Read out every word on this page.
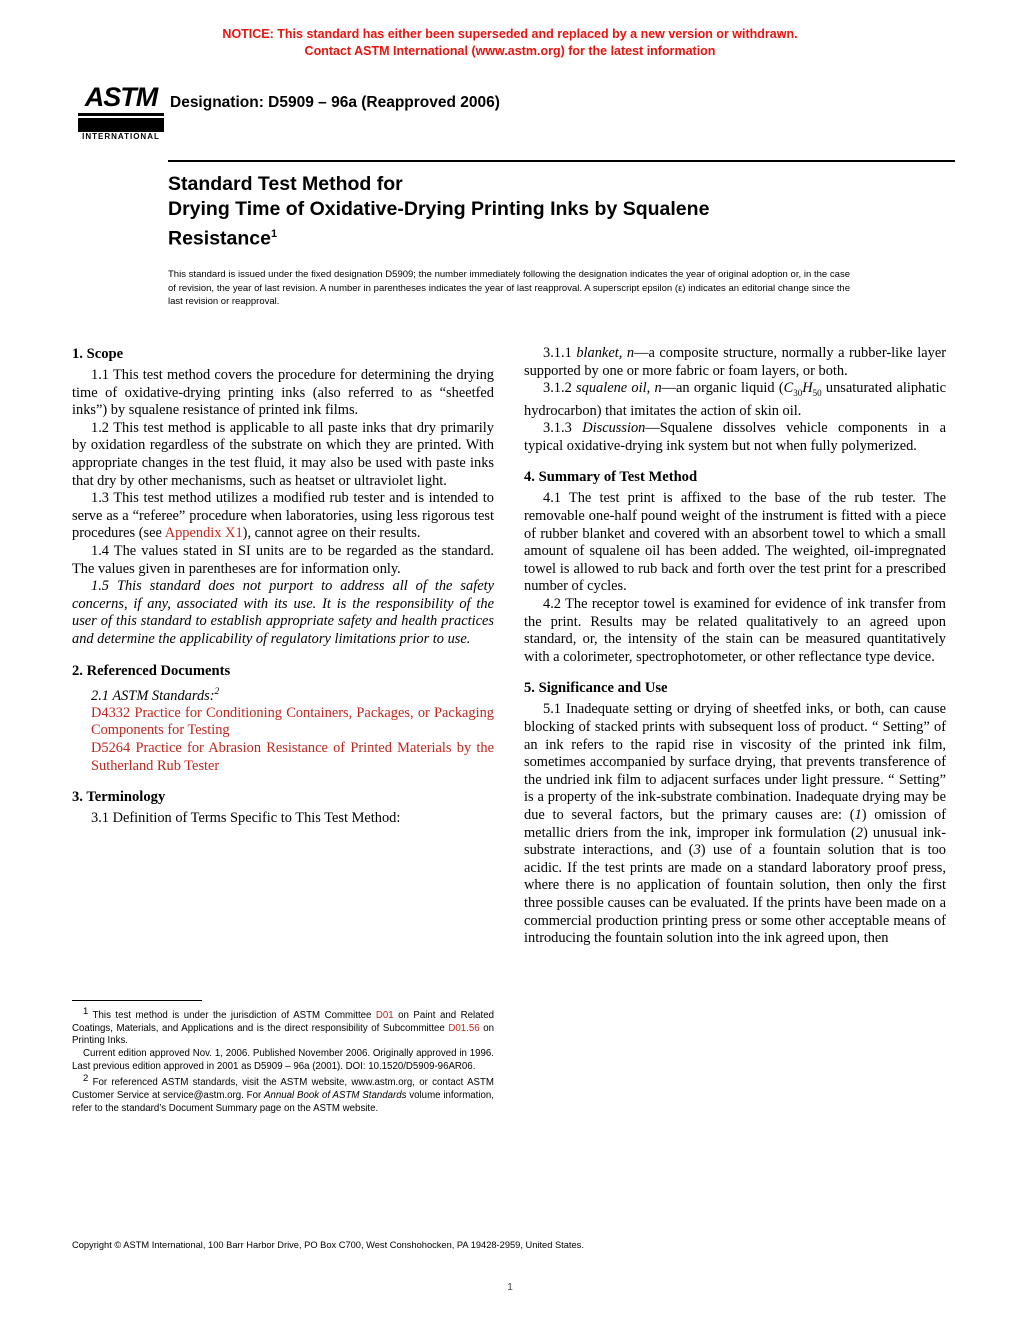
NOTICE: This standard has either been superseded and replaced by a new version or withdrawn.
Contact ASTM International (www.astm.org) for the latest information
ASTM
INTERNATIONAL
Designation: D5909 – 96a (Reapproved 2006)
Standard Test Method for
Drying Time of Oxidative-Drying Printing Inks by Squalene
Resistance$^1$
This standard is issued under the fixed designation D5909; the number immediately following the designation indicates the year of original adoption or, in the case of revision, the year of last revision. A number in parentheses indicates the year of last reapproval. A superscript epsilon (ε) indicates an editorial change since the last revision or reapproval.
1. Scope

1.1 This test method covers the procedure for determining the drying time of oxidative-drying printing inks (also referred to as “sheetfed inks”) by squalene resistance of printed ink films.

1.2 This test method is applicable to all paste inks that dry primarily by oxidation regardless of the substrate on which they are printed. With appropriate changes in the test fluid, it may also be used with paste inks that dry by other mechanisms, such as heatset or ultraviolet light.

1.3 This test method utilizes a modified rub tester and is intended to serve as a “referee” procedure when laboratories, using less rigorous test procedures (see Appendix X1), cannot agree on their results.

1.4 The values stated in SI units are to be regarded as the standard. The values given in parentheses are for information only.

1.5 This standard does not purport to address all of the safety concerns, if any, associated with its use. It is the responsibility of the user of this standard to establish appropriate safety and health practices and determine the applicability of regulatory limitations prior to use.

2. Referenced Documents

2.1 ASTM Standards:$^2$

D4332 Practice for Conditioning Containers, Packages, or Packaging Components for Testing

D5264 Practice for Abrasion Resistance of Printed Materials by the Sutherland Rub Tester

3. Terminology

3.1 Definition of Terms Specific to This Test Method:

3.1.1 blanket, n—a composite structure, normally a rubber-like layer supported by one or more fabric or foam layers, or both.

3.1.2 squalene oil, n—an organic liquid ($C_{30}H_{50}$ unsaturated aliphatic hydrocarbon) that imitates the action of skin oil.

3.1.3 Discussion—Squalene dissolves vehicle components in a typical oxidative-drying ink system but not when fully polymerized.

4. Summary of Test Method

4.1 The test print is affixed to the base of the rub tester. The removable one-half pound weight of the instrument is fitted with a piece of rubber blanket and covered with an absorbent towel to which a small amount of squalene oil has been added. The weighted, oil-impregnated towel is allowed to rub back and forth over the test print for a prescribed number of cycles.

4.2 The receptor towel is examined for evidence of ink transfer from the print. Results may be related qualitatively to an agreed upon standard, or, the intensity of the stain can be measured quantitatively with a colorimeter, spectrophotometer, or other reflectance type device.

5. Significance and Use

5.1 Inadequate setting or drying of sheetfed inks, or both, can cause blocking of stacked prints with subsequent loss of product. “ Setting” of an ink refers to the rapid rise in viscosity of the printed ink film, sometimes accompanied by surface drying, that prevents transference of the undried ink film to adjacent surfaces under light pressure. “ Setting” is a property of the ink-substrate combination. Inadequate drying may be due to several factors, but the primary causes are: (1) omission of metallic driers from the ink, improper ink formulation (2) unusual ink-substrate interactions, and (3) use of a fountain solution that is too acidic. If the test prints are made on a standard laboratory proof press, where there is no application of fountain solution, then only the first three possible causes can be evaluated. If the prints have been made on a commercial production printing press or some other acceptable means of introducing the fountain solution into the ink agreed upon, then

$^1$ This test method is under the jurisdiction of ASTM Committee D01 on Paint and Related Coatings, Materials, and Applications and is the direct responsibility of Subcommittee D01.56 on Printing Inks.

Current edition approved Nov. 1, 2006. Published November 2006. Originally approved in 1996. Last previous edition approved in 2001 as D5909 – 96a (2001). DOI: 10.1520/D5909-96AR06.

$^2$ For referenced ASTM standards, visit the ASTM website, www.astm.org, or contact ASTM Customer Service at service@astm.org. For Annual Book of ASTM Standards volume information, refer to the standard’s Document Summary page on the ASTM website.

Copyright © ASTM International, 100 Barr Harbor Drive, PO Box C700, West Conshohocken, PA 19428-2959, United States.
1
